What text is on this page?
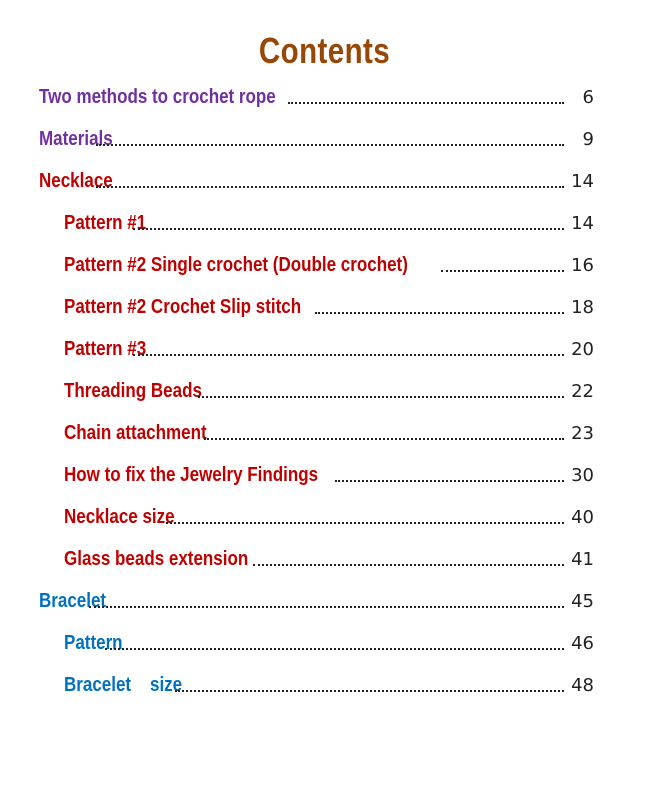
Contents
Two methods to crochet rope	6
Materials	9
Necklace	14
Pattern #1	14
Pattern #2 Single crochet (Double crochet)	16
Pattern #2 Crochet Slip stitch	18
Pattern #3	20
Threading Beads	22
Chain attachment	23
How to fix the Jewelry Findings	30
Necklace size	40
Glass beads extension	41
Bracelet	45
Pattern	46
Bracelet    size	48
